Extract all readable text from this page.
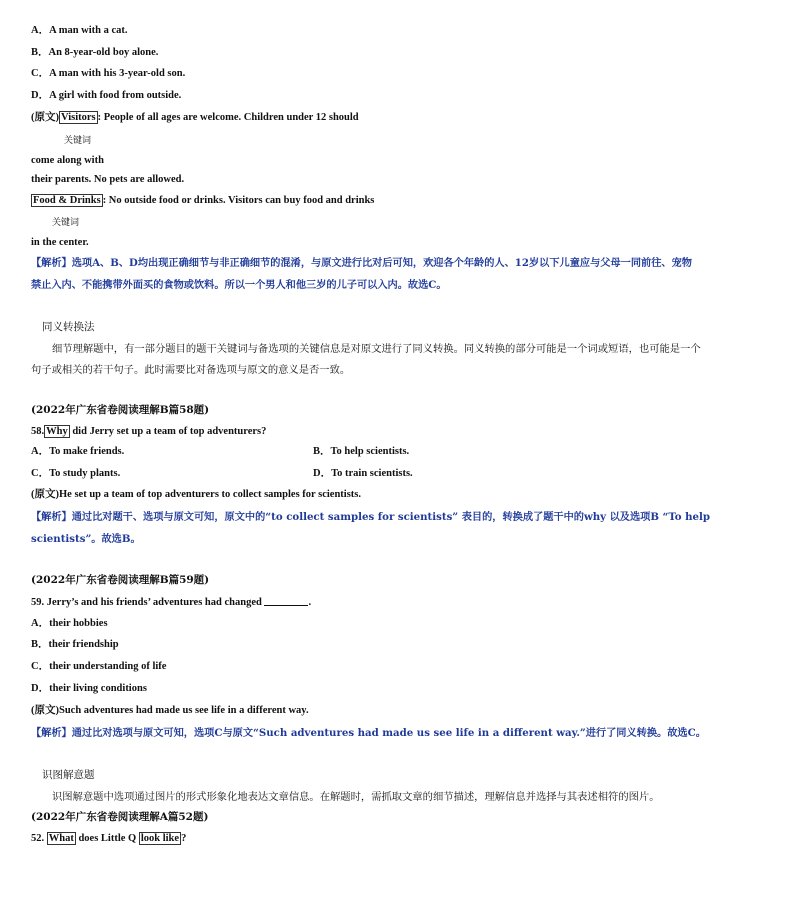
A．A man with a cat.
B．An 8-year-old boy alone.
C．A man with his 3-year-old son.
D．A girl with food from outside.
(原文) Visitors : People of all ages are welcome. Children under 12 should
关键词
come along with
their parents. No pets are allowed.
Food & Drinks : No outside food or drinks. Visitors can buy food and drinks
关键词
in the center.
【解析】选项A、B、D均出现正确细节与非正确细节的混淆，与原文进行比对后可知，欢迎各个年龄的人、12岁以下儿童应与父母一同前往、宠物
禁止入内、不能携带外面买的食物或饮料。所以一个男人和他三岁的儿子可以入内。故选C。
同义转换法
细节理解题中，有一部分题目的题干关键词与备选项的关键信息是对原文进行了同义转换。同义转换的部分可能是一个词或短语，也可能是一个
句子或相关的若干句子。此时需要比对备选项与原文的意义是否一致。
(2022年广东省卷阅读理解B篇58题)
58. Why did Jerry set up a team of top adventurers?
A．To make friends.	B．To help scientists.
C．To study plants.	D．To train scientists.
(原文)He set up a team of top adventurers to collect samples for scientists.
【解析】通过比对题干、选项与原文可知，原文中的“to collect samples for scientists” 表目的，转换成了题干中的why 以及选项B “To help
scientists”。故选B。
(2022年广东省卷阅读理解B篇59题)
59. Jerry’s and his friends’ adventures had changed	.
A．their hobbies
B．their friendship
C．their understanding of life
D．their living conditions
(原文)Such adventures had made us see life in a different way.
【解析】通过比对选项与原文可知，选项C与原文“Such adventures had made us see life in a different way.”进行了同义转换。故选C。
识图解意题
识图解意题中选项通过图片的形式形象化地表达文章信息。在解题时，需抓取文章的细节描述，理解信息并选择与其表述相符的图片。
(2022年广东省卷阅读理解A篇52题)
52. What does Little Q look like ?
